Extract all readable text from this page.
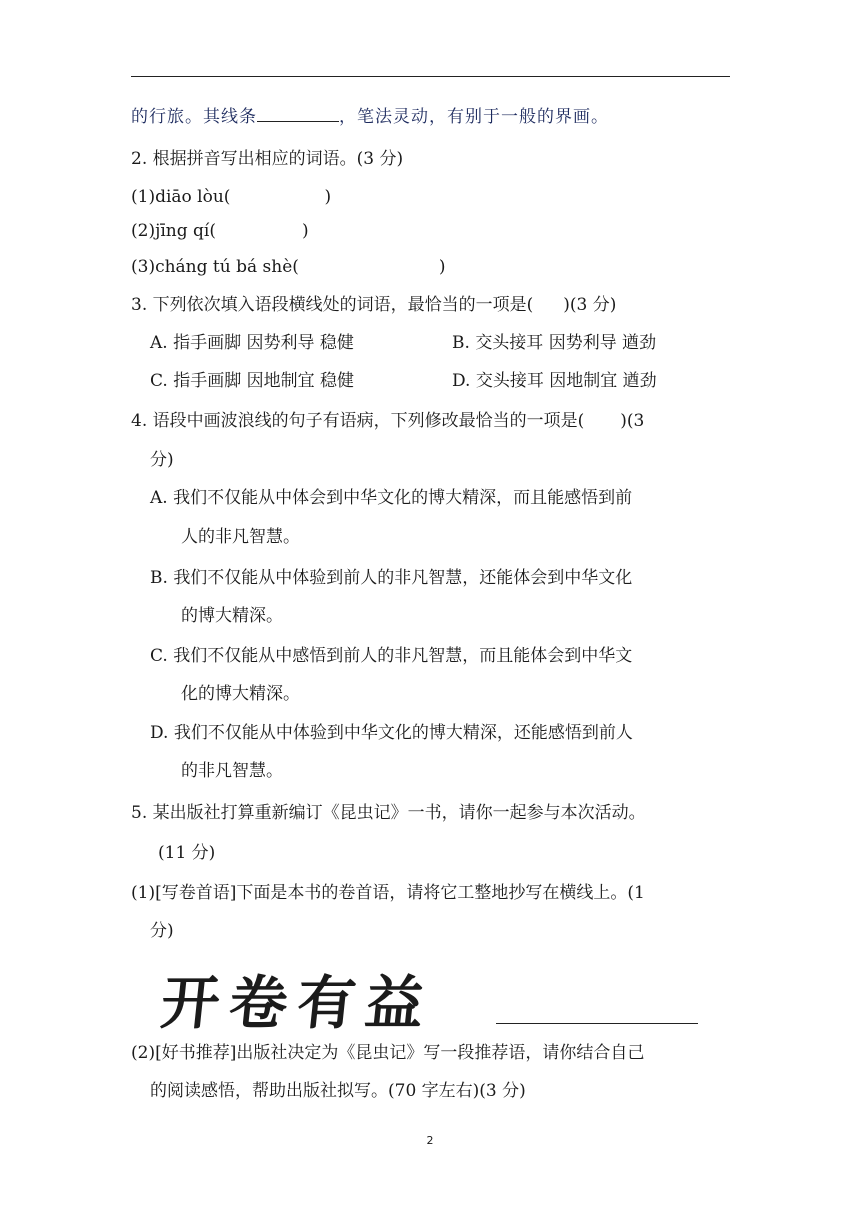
的行旅。其线条	，笔法灵动，有别于一般的界画。
2. 根据拼音写出相应的词语。(3 分)
(1)diāo lòu(	)
(2)jīng qí(	)
(3)cháng tú bá shè(	)
3. 下列依次填入语段横线处的词语，最恰当的一项是( )(3 分)
A. 指手画脚 因势利导 稳健	B. 交头接耳 因势利导 遒劲
C. 指手画脚 因地制宜 稳健	D. 交头接耳 因地制宜 遒劲
4. 语段中画波浪线的句子有语病，下列修改最恰当的一项是( )(3
分)
A. 我们不仅能从中体会到中华文化的博大精深，而且能感悟到前
人的非凡智慧。
B. 我们不仅能从中体验到前人的非凡智慧，还能体会到中华文化
的博大精深。
C. 我们不仅能从中感悟到前人的非凡智慧，而且能体会到中华文
化的博大精深。
D. 我们不仅能从中体验到中华文化的博大精深，还能感悟到前人
的非凡智慧。
5. 某出版社打算重新编订《昆虫记》一书，请你一起参与本次活动。
(11 分)
(1)[写卷首语]下面是本书的卷首语，请将它工整地抄写在横线上。(1
分)
开卷有益
(2)[好书推荐]出版社决定为《昆虫记》写一段推荐语，请你结合自己
的阅读感悟，帮助出版社拟写。(70 字左右)(3 分)
2
